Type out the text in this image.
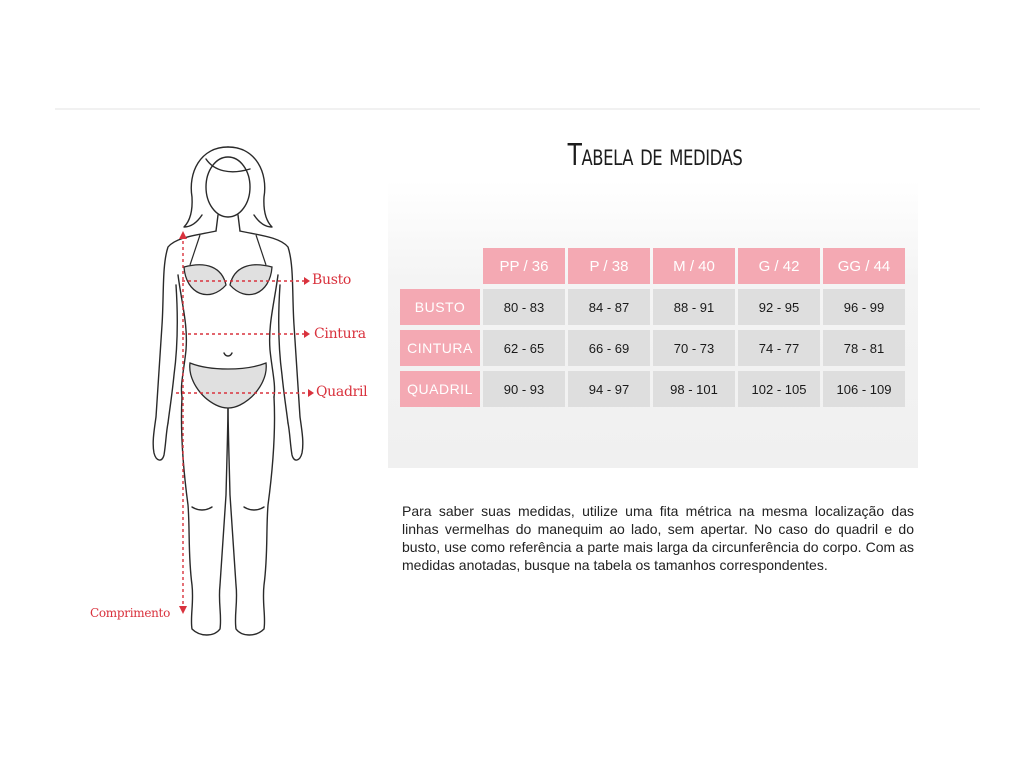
Busto
Cintura
Quadril
Comprimento
Tabela de medidas
	PP / 36	P / 38	M / 40	G / 42	GG / 44
BUSTO	80 - 83	84 - 87	88 - 91	92 - 95	96 - 99
CINTURA	62 - 65	66 - 69	70 - 73	74 - 77	78 - 81
QUADRIL	90 - 93	94 - 97	98 - 101	102 - 105	106 - 109

Para saber suas medidas, utilize uma fita métrica na mesma localização das linhas vermelhas do manequim ao lado, sem apertar. No caso do quadril e do busto, use como referência a parte mais larga da circunferência do corpo. Com as medidas anotadas, busque na tabela os tamanhos correspondentes.
